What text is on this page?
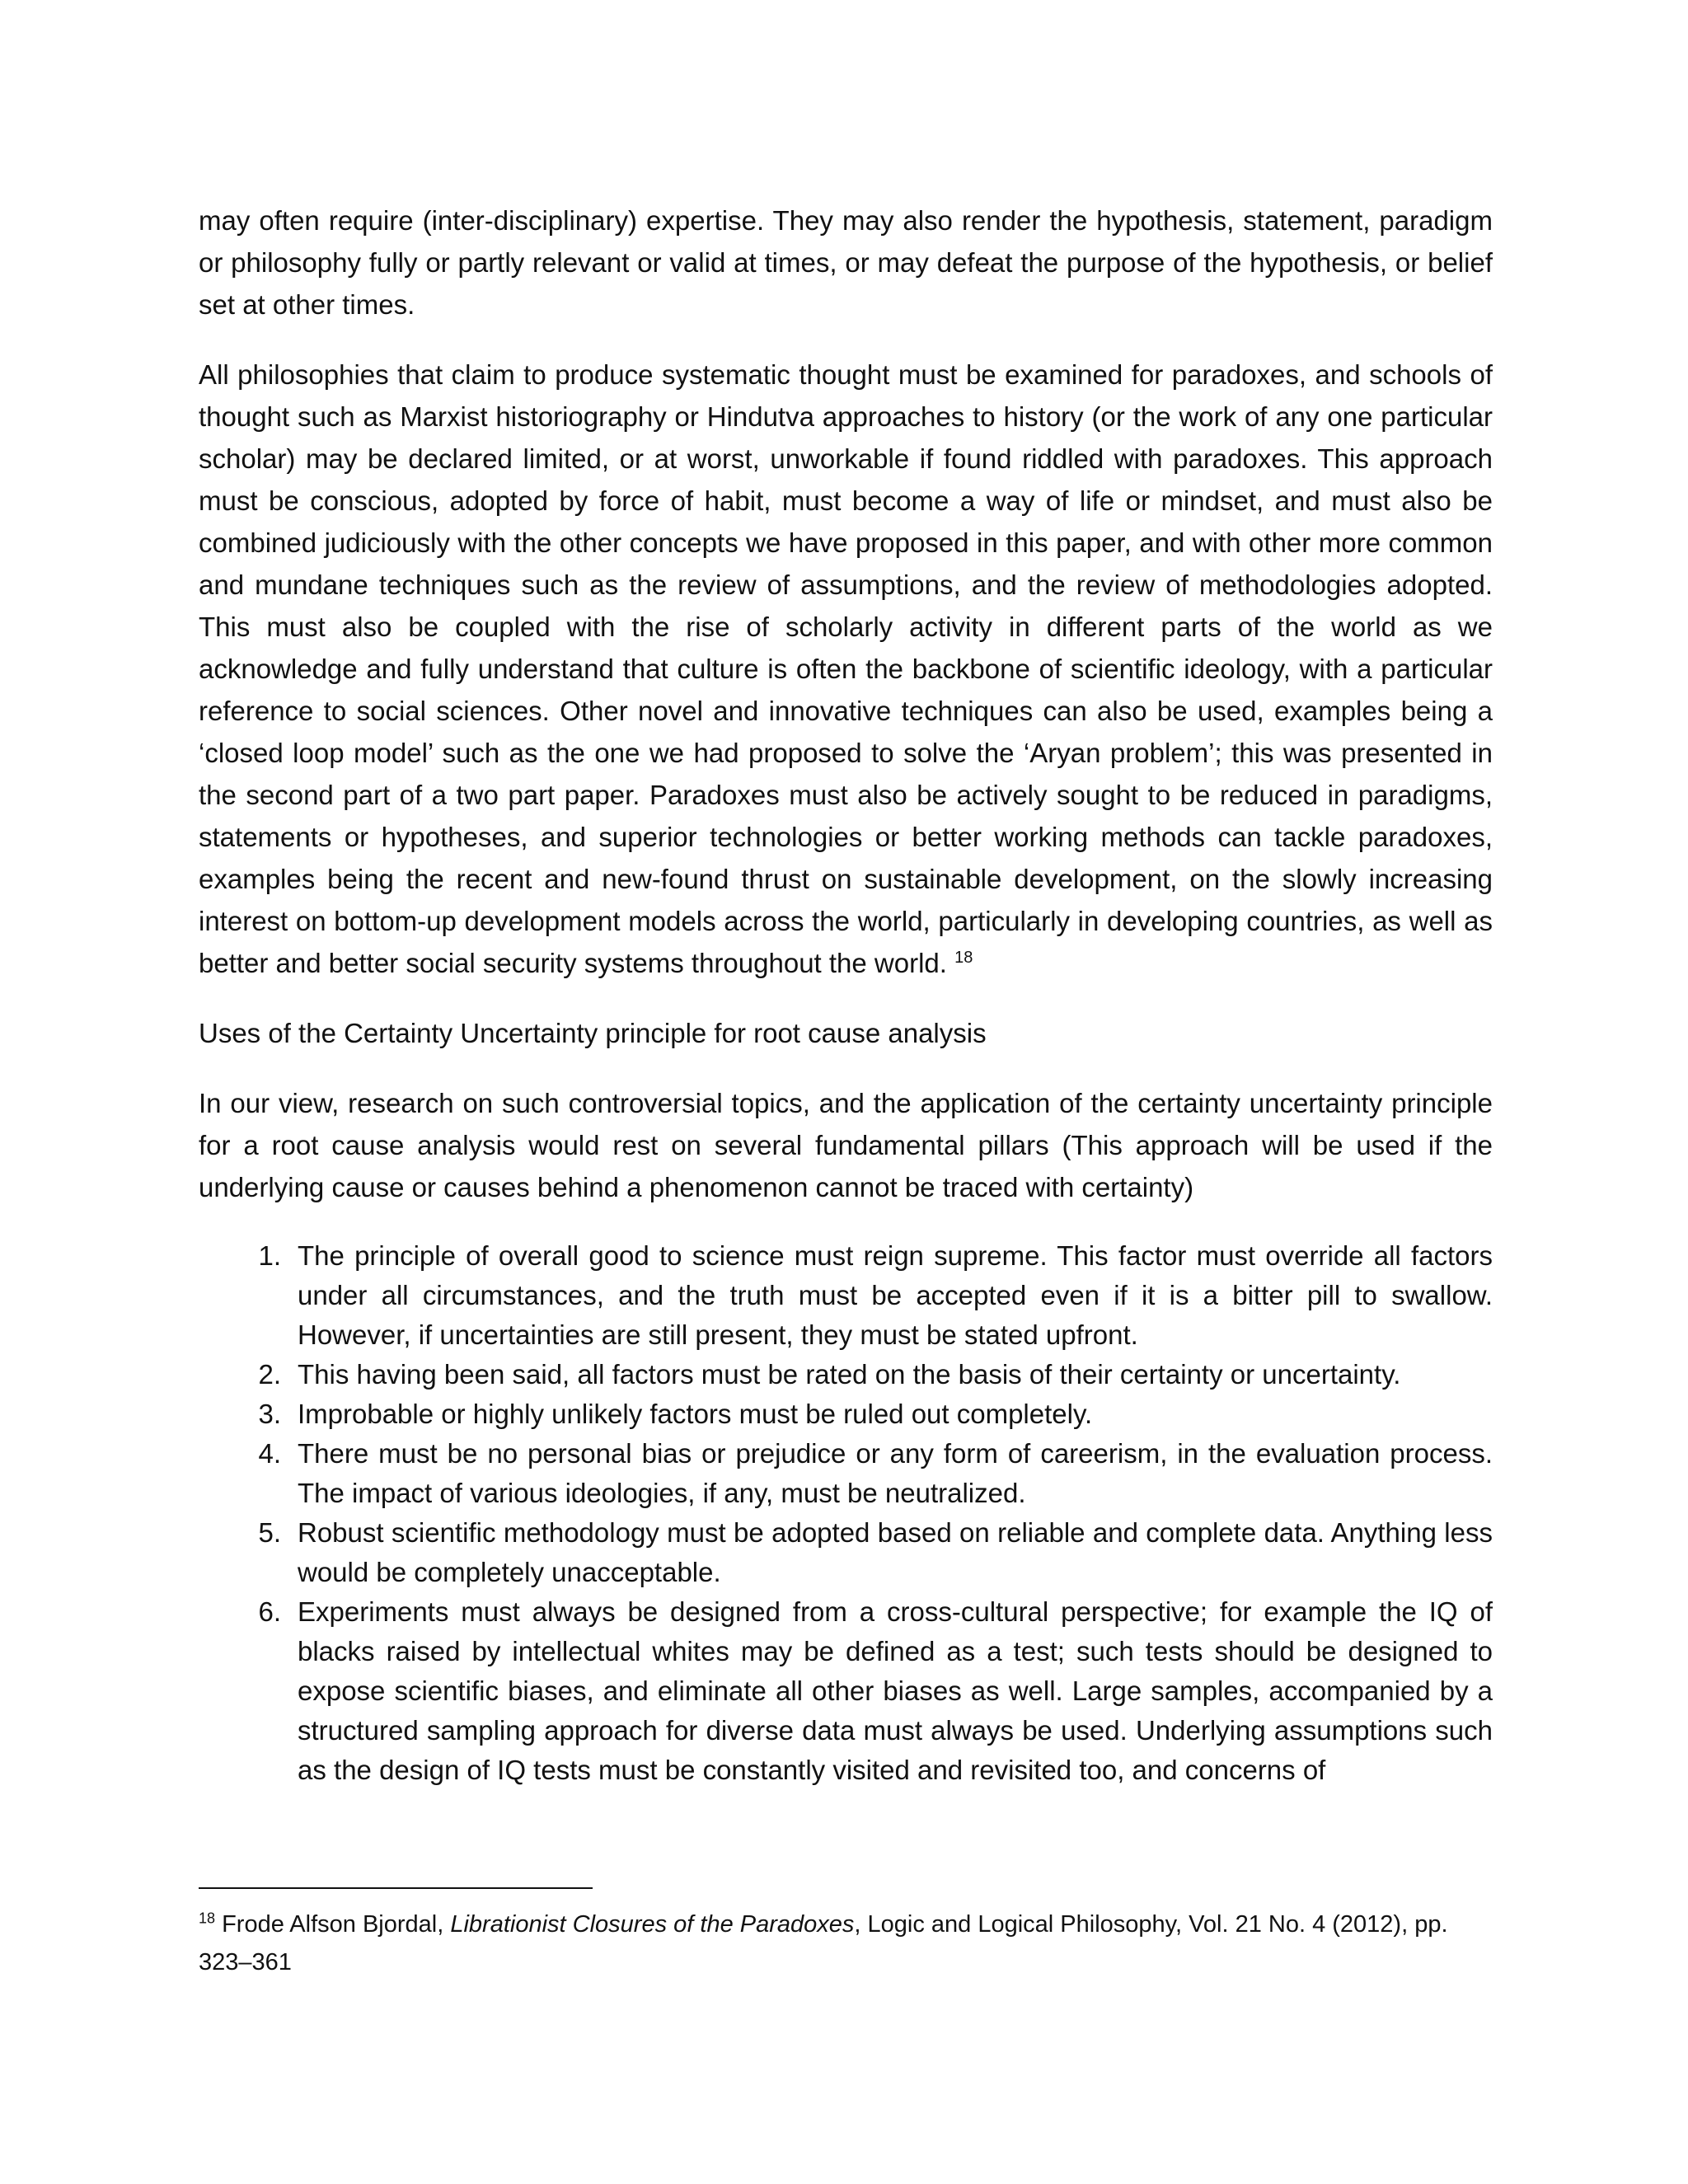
may often require (inter-disciplinary) expertise. They may also render the hypothesis, statement, paradigm or philosophy fully or partly relevant or valid at times, or may defeat the purpose of the hypothesis, or belief set at other times.

All philosophies that claim to produce systematic thought must be examined for paradoxes, and schools of thought such as Marxist historiography or Hindutva approaches to history (or the work of any one particular scholar) may be declared limited, or at worst, unworkable if found riddled with paradoxes. This approach must be conscious, adopted by force of habit, must become a way of life or mindset, and must also be combined judiciously with the other concepts we have proposed in this paper, and with other more common and mundane techniques such as the review of assumptions, and the review of methodologies adopted. This must also be coupled with the rise of scholarly activity in different parts of the world as we acknowledge and fully understand that culture is often the backbone of scientific ideology, with a particular reference to social sciences. Other novel and innovative techniques can also be used, examples being a ‘closed loop model’ such as the one we had proposed to solve the ‘Aryan problem’; this was presented in the second part of a two part paper. Paradoxes must also be actively sought to be reduced in paradigms, statements or hypotheses, and superior technologies or better working methods can tackle paradoxes, examples being the recent and new-found thrust on sustainable development, on the slowly increasing interest on bottom-up development models across the world, particularly in developing countries, as well as better and better social security systems throughout the world. $^{18}$

Uses of the Certainty Uncertainty principle for root cause analysis

In our view, research on such controversial topics, and the application of the certainty uncertainty principle for a root cause analysis would rest on several fundamental pillars (This approach will be used if the underlying cause or causes behind a phenomenon cannot be traced with certainty)

1. The principle of overall good to science must reign supreme. This factor must override all factors under all circumstances, and the truth must be accepted even if it is a bitter pill to swallow. However, if uncertainties are still present, they must be stated upfront.
2. This having been said, all factors must be rated on the basis of their certainty or uncertainty.
3. Improbable or highly unlikely factors must be ruled out completely.
4. There must be no personal bias or prejudice or any form of careerism, in the evaluation process. The impact of various ideologies, if any, must be neutralized.
5. Robust scientific methodology must be adopted based on reliable and complete data. Anything less would be completely unacceptable.
6. Experiments must always be designed from a cross-cultural perspective; for example the IQ of blacks raised by intellectual whites may be defined as a test; such tests should be designed to expose scientific biases, and eliminate all other biases as well. Large samples, accompanied by a structured sampling approach for diverse data must always be used. Underlying assumptions such as the design of IQ tests must be constantly visited and revisited too, and concerns of
$^{18}$ Frode Alfson Bjordal, Librationist Closures of the Paradoxes, Logic and Logical Philosophy, Vol. 21 No. 4 (2012), pp. 323–361
